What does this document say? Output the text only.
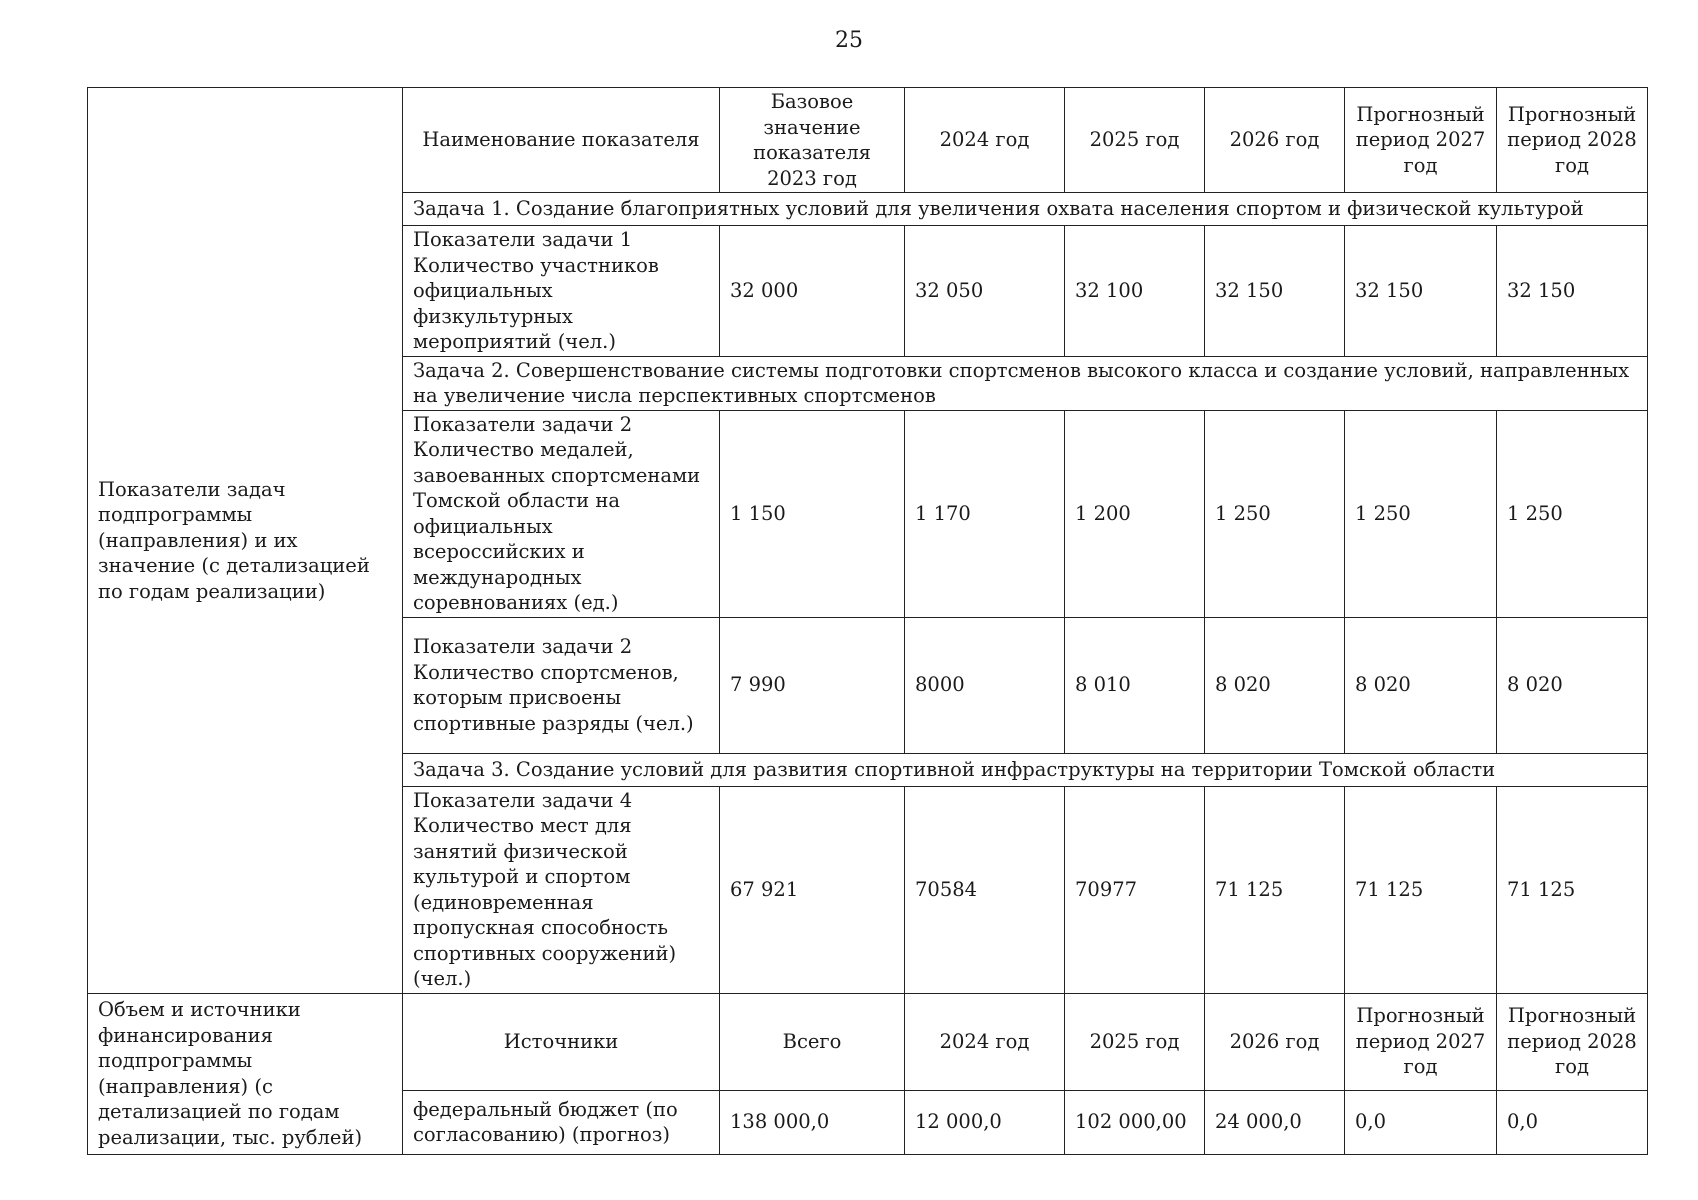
25
Показатели задач подпрограммы (направления) и их значение (с детализацией по годам реализации)	Наименование показателя	Базовое значение показателя 2023 год	2024 год	2025 год	2026 год	Прогнозный период 2027 год	Прогнозный период 2028 год
	Задача 1. Создание благоприятных условий для увеличения охвата населения спортом и физической культурой						
	Показатели задачи 1 Количество участников официальных физкультурных мероприятий (чел.)	32 000	32 050	32 100	32 150	32 150	32 150
	Задача 2. Совершенствование системы подготовки спортсменов высокого класса и создание условий, направленных на увеличение числа перспективных спортсменов						
	Показатели задачи 2 Количество медалей, завоеванных спортсменами Томской области на официальных всероссийских и международных соревнованиях (ед.)	1 150	1 170	1 200	1 250	1 250	1 250
	Показатели задачи 2 Количество спортсменов, которым присвоены спортивные разряды (чел.)	7 990	8000	8 010	8 020	8 020	8 020
	Задача 3. Создание условий для развития спортивной инфраструктуры на территории Томской области						
	Показатели задачи 4 Количество мест для занятий физической культурой и спортом (единовременная пропускная способность спортивных сооружений) (чел.)	67 921	70584	70977	71 125	71 125	71 125
Объем и источники финансирования подпрограммы (направления) (с детализацией по годам реализации, тыс. рублей)	Источники	Всего	2024 год	2025 год	2026 год	Прогнозный период 2027 год	Прогнозный период 2028 год
	федеральный бюджет (по согласованию) (прогноз)	138 000,0	12 000,0	102 000,00	24 000,0	0,0	0,0
